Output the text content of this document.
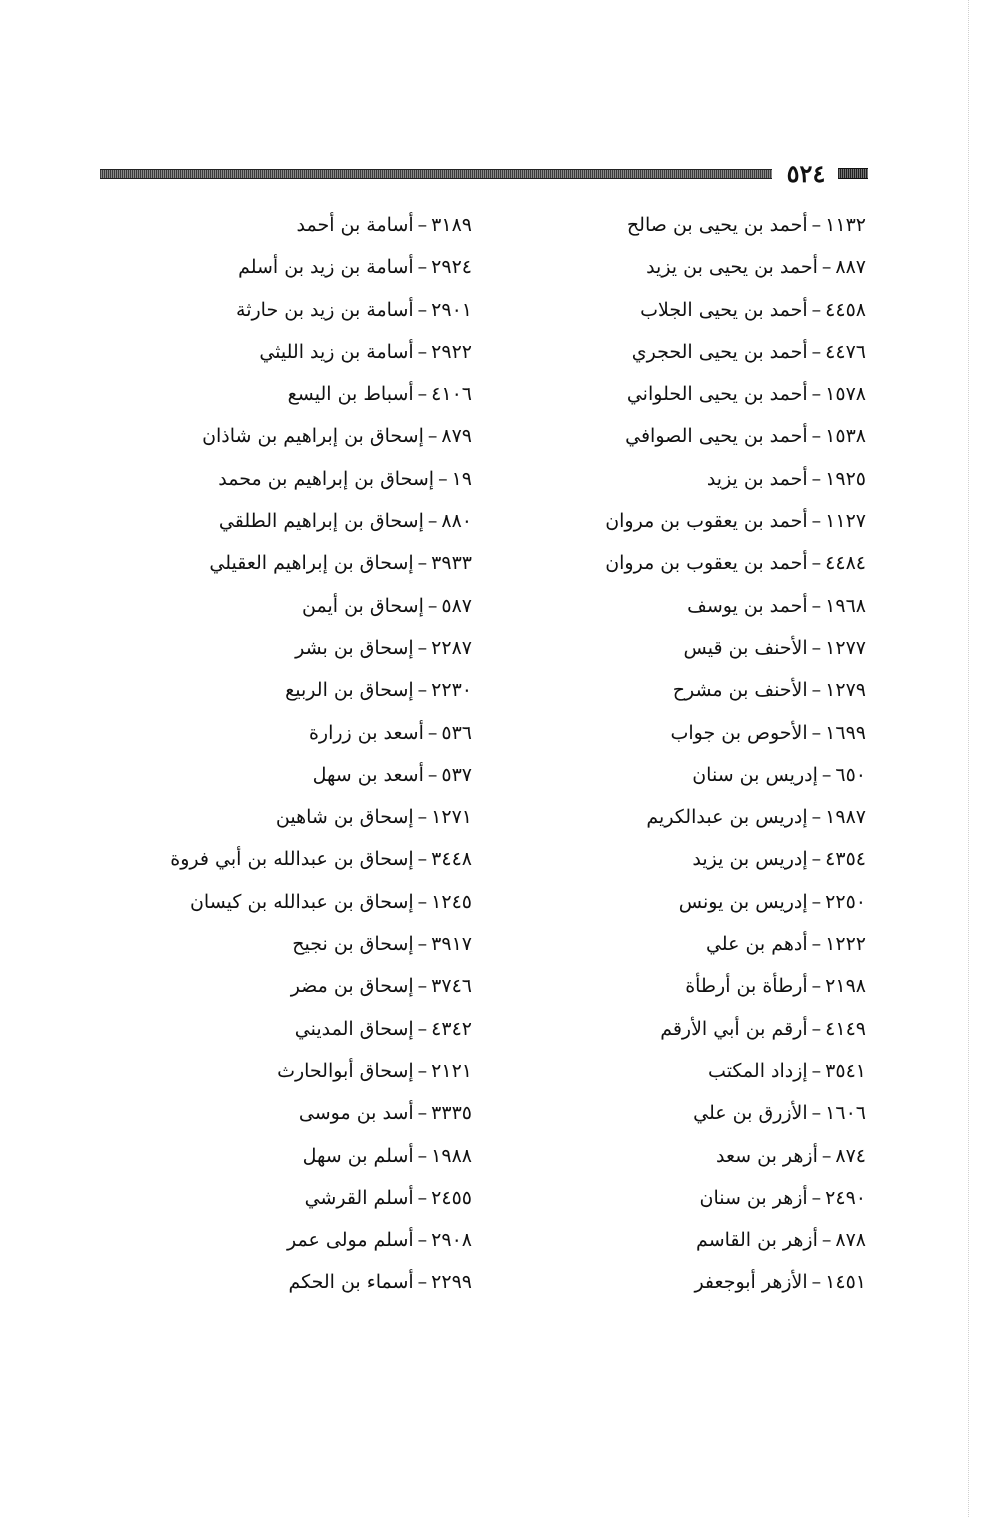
٥٢٤
١١٣٢–أحمد بن يحيى بن صالح
٨٨٧–أحمد بن يحيى بن يزيد
٤٤٥٨–أحمد بن يحيى الجلاب
٤٤٧٦–أحمد بن يحيى الحجري
١٥٧٨–أحمد بن يحيى الحلواني
١٥٣٨–أحمد بن يحيى الصوافي
١٩٢٥–أحمد بن يزيد
١١٢٧–أحمد بن يعقوب بن مروان
٤٤٨٤–أحمد بن يعقوب بن مروان
١٩٦٨–أحمد بن يوسف
١٢٧٧–الأحنف بن قيس
١٢٧٩–الأحنف بن مشرح
١٦٩٩–الأحوص بن جواب
٦٥٠–إدريس بن سنان
١٩٨٧–إدريس بن عبدالكريم
٤٣٥٤–إدريس بن يزيد
٢٢٥٠–إدريس بن يونس
١٢٢٢–أدهم بن علي
٢١٩٨–أرطأة بن أرطأة
٤١٤٩–أرقم بن أبي الأرقم
٣٥٤١–إزداد المكتب
١٦٠٦–الأزرق بن علي
٨٧٤–أزهر بن سعد
٢٤٩٠–أزهر بن سنان
٨٧٨–أزهر بن القاسم
١٤٥١–الأزهر أبوجعفر
٣١٨٩–أسامة بن أحمد
٢٩٢٤–أسامة بن زيد بن أسلم
٢٩٠١–أسامة بن زيد بن حارثة
٢٩٢٢–أسامة بن زيد الليثي
٤١٠٦–أسباط بن اليسع
٨٧٩–إسحاق بن إبراهيم بن شاذان
١٩–إسحاق بن إبراهيم بن محمد
٨٨٠–إسحاق بن إبراهيم الطلقي
٣٩٣٣–إسحاق بن إبراهيم العقيلي
٥٨٧–إسحاق بن أيمن
٢٢٨٧–إسحاق بن بشر
٢٢٣٠–إسحاق بن الربيع
٥٣٦–أسعد بن زرارة
٥٣٧–أسعد بن سهل
١٢٧١–إسحاق بن شاهين
٣٤٤٨–إسحاق بن عبدالله بن أبي فروة
١٢٤٥–إسحاق بن عبدالله بن كيسان
٣٩١٧–إسحاق بن نجيح
٣٧٤٦–إسحاق بن مضر
٤٣٤٢–إسحاق المديني
٢١٢١–إسحاق أبوالحارث
٣٣٣٥–أسد بن موسى
١٩٨٨–أسلم بن سهل
٢٤٥٥–أسلم القرشي
٢٩٠٨–أسلم مولى عمر
٢٢٩٩–أسماء بن الحكم
